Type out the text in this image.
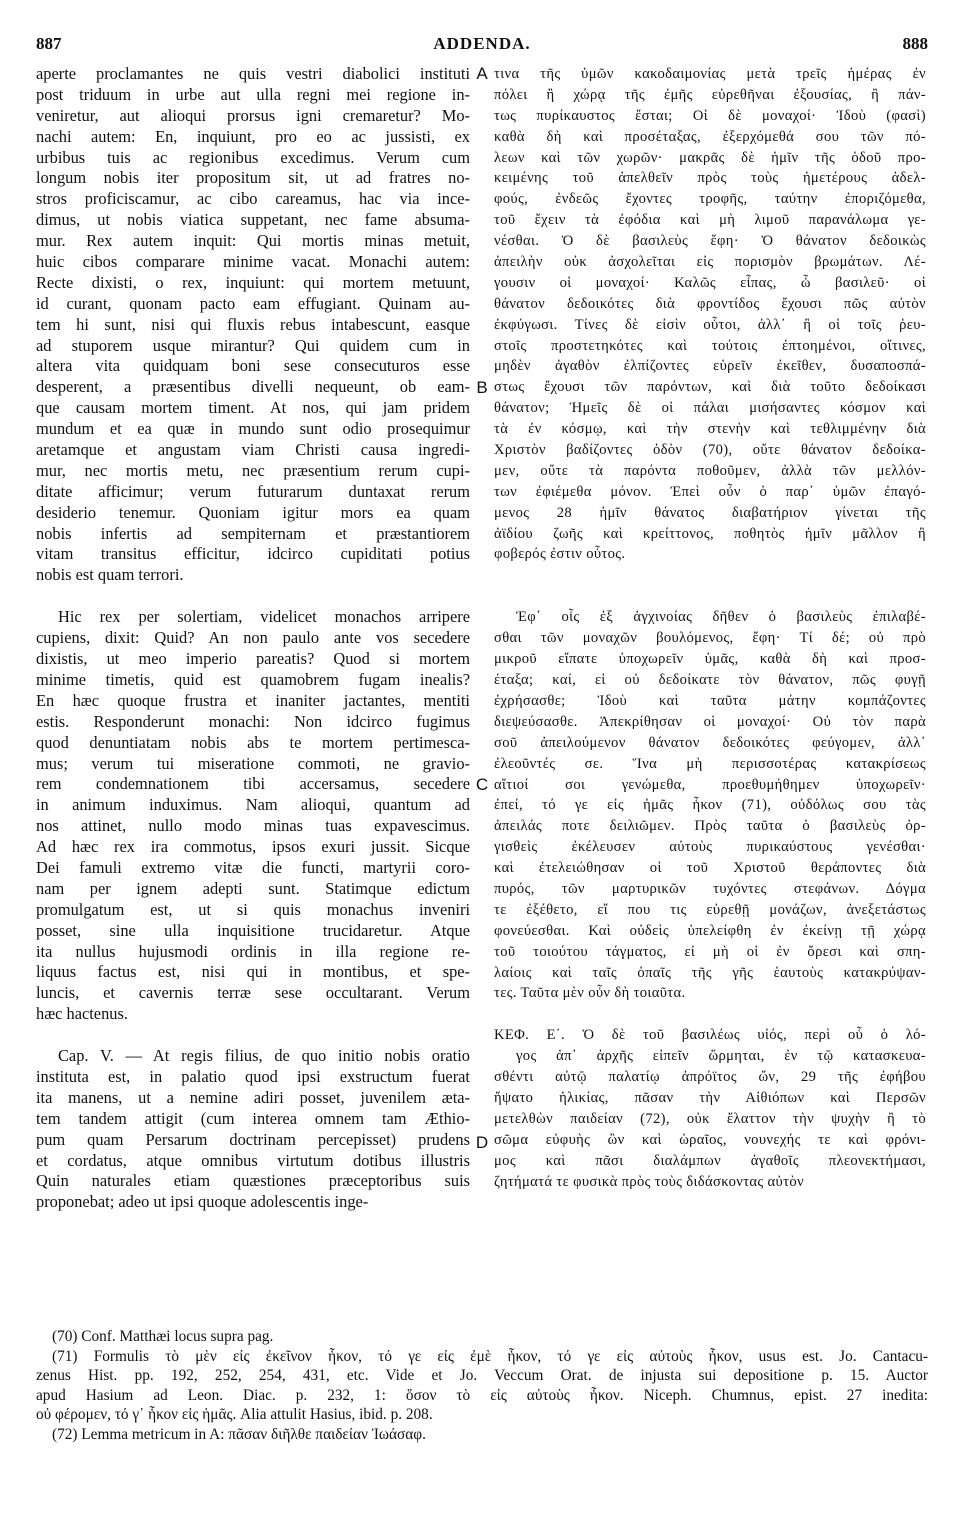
887	ADDENDA.	888
aperte proclamantes ne quis vestri diabolici instituti
post triduum in urbe aut ulla regni mei regione in-
veniretur, aut alioqui prorsus igni cremaretur? Mo-
nachi autem: En, inquiunt, pro eo ac jussisti, ex
urbibus tuis ac regionibus excedimus. Verum cum
longum nobis iter propositum sit, ut ad fratres no-
stros proficiscamur, ac cibo careamus, hac via ince-
dimus, ut nobis viatica suppetant, nec fame absuma-
mur. Rex autem inquit: Qui mortis minas metuit,
huic cibos comparare minime vacat. Monachi autem:
Recte dixisti, o rex, inquiunt: qui mortem metuunt,
id curant, quonam pacto eam effugiant. Quinam au-
tem hi sunt, nisi qui fluxis rebus intabescunt, easque
ad stuporem usque mirantur? Qui quidem cum in
altera vita quidquam boni sese consecuturos esse
desperent, a præsentibus divelli nequeunt, ob eam-
que causam mortem timent. At nos, qui jam pridem
mundum et ea quæ in mundo sunt odio prosequimur
aretamque et angustam viam Christi causa ingredi-
mur, nec mortis metu, nec præsentium rerum cupi-
ditate afficimur; verum futurarum duntaxat rerum
desiderio tenemur. Quoniam igitur mors ea quam
nobis infertis ad sempiternam et præstantiorem
vitam transitus efficitur, idcirco cupiditati potius
nobis est quam terrori.
Hic rex per solertiam, videlicet monachos arripere
cupiens, dixit: Quid? An non paulo ante vos secedere
dixistis, ut meo imperio pareatis? Quod si mortem
minime timetis, quid est quamobrem fugam inealis?
En hæc quoque frustra et inaniter jactantes, mentiti
estis. Responderunt monachi: Non idcirco fugimus
quod denuntiatam nobis abs te mortem pertimesca-
mus; verum tui miseratione commoti, ne gravio-
rem condemnationem tibi accersamus, secedere
in animum induximus. Nam alioqui, quantum ad
nos attinet, nullo modo minas tuas expavescimus.
Ad hæc rex ira commotus, ipsos exuri jussit. Sicque
Dei famuli extremo vitæ die functi, martyrii coro-
nam per ignem adepti sunt. Statimque edictum
promulgatum est, ut si quis monachus inveniri
posset, sine ulla inquisitione trucidaretur. Atque
ita nullus hujusmodi ordinis in illa regione re-
liquus factus est, nisi qui in montibus, et spe-
luncis, et cavernis terræ sese occultarant. Verum
hæc hactenus.
Cap. V. — At regis filius, de quo initio nobis oratio
instituta est, in palatio quod ipsi exstructum fuerat
ita manens, ut a nemine adiri posset, juvenilem æta-
tem tandem attigit (cum interea omnem tam Æthio-
pum quam Persarum doctrinam percepisset) prudens
et cordatus, atque omnibus virtutum dotibus illustris
Quin naturales etiam quæstiones præceptoribus suis
proponebat; adeo ut ipsi quoque adolescentis inge-
A
B
C
D
τινα τῆς ὑμῶν κακοδαιμονίας μετὰ τρεῖς ἡμέρας ἐν
πόλει ἢ χώρᾳ τῆς ἐμῆς εὑρεθῆναι ἐξουσίας, ἢ πάν-
τως πυρίκαυστος ἔσται; Οἱ δὲ μοναχοί· Ἰδοὺ (φασὶ)
καθὰ δὴ καὶ προσέταξας, ἐξερχόμεθά σου τῶν πό-
λεων καὶ τῶν χωρῶν· μακρᾶς δὲ ἡμῖν τῆς ὁδοῦ προ-
κειμένης τοῦ ἀπελθεῖν πρὸς τοὺς ἡμετέρους ἀδελ-
φούς, ἐνδεῶς ἔχοντες τροφῆς, ταύτην ἐποριζόμεθα,
τοῦ ἔχειν τὰ ἐφόδια καὶ μὴ λιμοῦ παρανάλωμα γε-
νέσθαι. Ὁ δὲ βασιλεὺς ἔφη· Ὁ θάνατον δεδοικὼς
ἀπειλὴν οὐκ ἀσχολεῖται εἰς πορισμὸν βρωμάτων. Λέ-
γουσιν οἱ μοναχοί· Καλῶς εἶπας, ὦ βασιλεῦ· οἱ
θάνατον δεδοικότες διὰ φροντίδος ἔχουσι πῶς αὐτὸν
ἐκφύγωσι. Τίνες δὲ εἰσὶν οὗτοι, ἀλλ᾽ ἢ οἱ τοῖς ῥευ-
στοῖς προστετηκότες καὶ τούτοις ἐπτοημένοι, οἵτινες,
μηδὲν ἀγαθὸν ἐλπίζοντες εὑρεῖν ἐκεῖθεν, δυσαποσπά-
στως ἔχουσι τῶν παρόντων, καὶ διὰ τοῦτο δεδοίκασι
θάνατον; Ἡμεῖς δὲ οἱ πάλαι μισήσαντες κόσμον καὶ
τὰ ἐν κόσμῳ, καὶ τὴν στενὴν καὶ τεθλιμμένην διὰ
Χριστὸν βαδίζοντες ὁδὸν (70), οὔτε θάνατον δεδοίκα-
μεν, οὔτε τὰ παρόντα ποθοῦμεν, ἀλλὰ τῶν μελλόν-
των ἐφιέμεθα μόνον. Ἐπεὶ οὖν ὁ παρ᾽ ὑμῶν ἐπαγό-
μενος 28 ἡμῖν θάνατος διαβατήριον γίνεται τῆς
ἀϊδίου ζωῆς καὶ κρείττονος, ποθητὸς ἡμῖν μᾶλλον ἢ
φοβερός ἐστιν οὗτος.
Ἐφ᾽ οἷς ἐξ ἀγχινοίας δῆθεν ὁ βασιλεὺς ἐπιλαβέ-
σθαι τῶν μοναχῶν βουλόμενος, ἔφη· Τί δέ; οὐ πρὸ
μικροῦ εἴπατε ὑποχωρεῖν ὑμᾶς, καθὰ δὴ καὶ προσ-
έταξα; καί, εἰ οὐ δεδοίκατε τὸν θάνατον, πῶς φυγῇ
ἐχρήσασθε; Ἰδοὺ καὶ ταῦτα μάτην κομπάζοντες
διεψεύσασθε. Ἀπεκρίθησαν οἱ μοναχοί· Οὐ τὸν παρὰ
σοῦ ἀπειλούμενον θάνατον δεδοικότες φεύγομεν, ἀλλ᾽
ἐλεοῦντές σε. Ἵνα μὴ περισσοτέρας κατακρίσεως
αἴτιοί σοι γενώμεθα, προεθυμήθημεν ὑποχωρεῖν·
ἐπεί, τό γε εἰς ἡμᾶς ἧκον (71), οὐδόλως σου τὰς
ἀπειλάς ποτε δειλιῶμεν. Πρὸς ταῦτα ὁ βασιλεὺς ὀρ-
γισθεὶς ἐκέλευσεν αὐτοὺς πυρικαύστους γενέσθαι·
καὶ ἐτελειώθησαν οἱ τοῦ Χριστοῦ θεράποντες διὰ
πυρός, τῶν μαρτυρικῶν τυχόντες στεφάνων. Δόγμα
τε ἐξέθετο, εἴ που τις εὑρεθῇ μονάζων, ἀνεξετάστως
φονεύεσθαι. Καὶ οὐδεὶς ὑπελείφθη ἐν ἐκείνῃ τῇ χώρᾳ
τοῦ τοιούτου τάγματος, εἰ μὴ οἱ ἐν ὄρεσι καὶ σπη-
λαίοις καὶ ταῖς ὀπαῖς τῆς γῆς ἑαυτοὺς κατακρύψαν-
τες. Ταῦτα μὲν οὖν δὴ τοιαῦτα.
ΚΕΦ. Ε΄. Ὁ δὲ τοῦ βασιλέως υἱός, περὶ οὗ ὁ λό-
γος ἀπ᾽ ἀρχῆς εἰπεῖν ὥρμηται, ἐν τῷ κατασκευα-
σθέντι αὐτῷ παλατίῳ ἀπρόϊτος ὤν, 29 τῆς ἐφήβου
ἥψατο ἡλικίας, πᾶσαν τὴν Αἰθιόπων καὶ Περσῶν
μετελθὼν παιδείαν (72), οὐκ ἔλαττον τὴν ψυχὴν ἢ τὸ
σῶμα εὐφυὴς ὢν καὶ ὡραῖος, νουνεχής τε καὶ φρόνι-
μος καὶ πᾶσι διαλάμπων ἀγαθοῖς πλεονεκτήμασι,
ζητήματά τε φυσικὰ πρὸς τοὺς διδάσκοντας αὐτὸν
(70) Conf. Matthæi locus supra pag.
(71) Formulis τὸ μὲν εἰς ἐκεῖνον ἧκον, τό γε εἰς ἐμὲ ἧκον, τό γε εἰς αὐτοὺς ἧκον, usus est. Jo. Cantacu-
zenus Hist. pp. 192, 252, 254, 431, etc. Vide et Jo. Veccum Orat. de injusta sui depositione p. 15. Auctor
apud Hasium ad Leon. Diac. p. 232, 1: ὅσον τὸ εἰς αὐτοὺς ἧκον. Niceph. Chumnus, epist. 27 inedita:
οὐ φέρομεν, τό γ᾽ ἧκον εἰς ἡμᾶς. Alia attulit Hasius, ibid. p. 208.
(72) Lemma metricum in A: πᾶσαν διῆλθε παιδείαν Ἰωάσαφ.
